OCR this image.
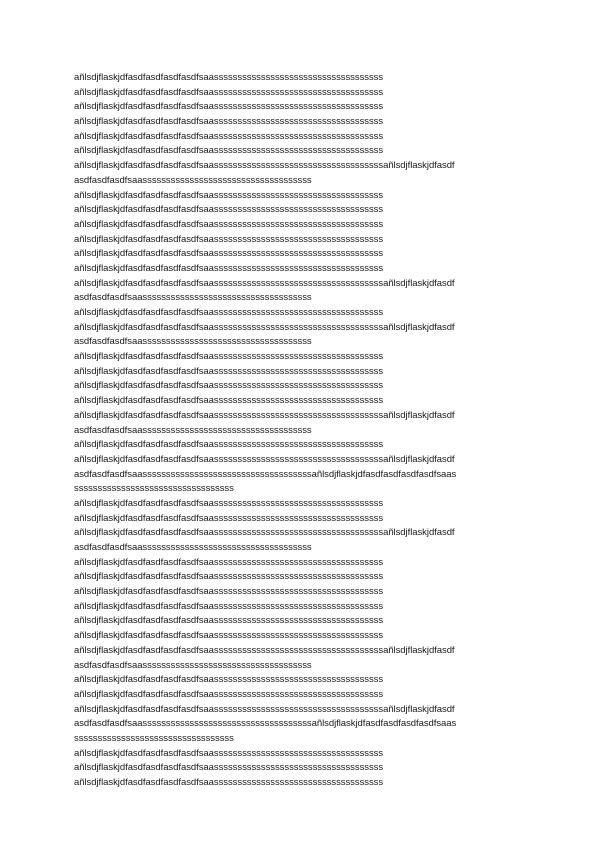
añlsdjflaskjdfasdfasdfasdfasdfsaassssssssssssssssssssssssssssssssssss
añlsdjflaskjdfasdfasdfasdfasdfsaassssssssssssssssssssssssssssssssssss
añlsdjflaskjdfasdfasdfasdfasdfsaassssssssssssssssssssssssssssssssssss
añlsdjflaskjdfasdfasdfasdfasdfsaassssssssssssssssssssssssssssssssssss
añlsdjflaskjdfasdfasdfasdfasdfsaassssssssssssssssssssssssssssssssssss
añlsdjflaskjdfasdfasdfasdfasdfsaassssssssssssssssssssssssssssssssssss
añlsdjflaskjdfasdfasdfasdfasdfsaassssssssssssssssssssssssssssssssssssañlsdjflaskjdfasdf
asdfasdfasdfsaassssssssssssssssssssssssssssssssssss
añlsdjflaskjdfasdfasdfasdfasdfsaassssssssssssssssssssssssssssssssssss
añlsdjflaskjdfasdfasdfasdfasdfsaassssssssssssssssssssssssssssssssssss
añlsdjflaskjdfasdfasdfasdfasdfsaassssssssssssssssssssssssssssssssssss
añlsdjflaskjdfasdfasdfasdfasdfsaassssssssssssssssssssssssssssssssssss
añlsdjflaskjdfasdfasdfasdfasdfsaassssssssssssssssssssssssssssssssssss
añlsdjflaskjdfasdfasdfasdfasdfsaassssssssssssssssssssssssssssssssssss
añlsdjflaskjdfasdfasdfasdfasdfsaassssssssssssssssssssssssssssssssssssañlsdjflaskjdfasdf
asdfasdfasdfsaassssssssssssssssssssssssssssssssssss
añlsdjflaskjdfasdfasdfasdfasdfsaassssssssssssssssssssssssssssssssssss
añlsdjflaskjdfasdfasdfasdfasdfsaassssssssssssssssssssssssssssssssssssañlsdjflaskjdfasdf
asdfasdfasdfsaassssssssssssssssssssssssssssssssssss
añlsdjflaskjdfasdfasdfasdfasdfsaassssssssssssssssssssssssssssssssssss
añlsdjflaskjdfasdfasdfasdfasdfsaassssssssssssssssssssssssssssssssssss
añlsdjflaskjdfasdfasdfasdfasdfsaassssssssssssssssssssssssssssssssssss
añlsdjflaskjdfasdfasdfasdfasdfsaassssssssssssssssssssssssssssssssssss
añlsdjflaskjdfasdfasdfasdfasdfsaassssssssssssssssssssssssssssssssssssañlsdjflaskjdfasdf
asdfasdfasdfsaassssssssssssssssssssssssssssssssssss
añlsdjflaskjdfasdfasdfasdfasdfsaassssssssssssssssssssssssssssssssssss
añlsdjflaskjdfasdfasdfasdfasdfsaassssssssssssssssssssssssssssssssssssañlsdjflaskjdfasdf
asdfasdfasdfsaassssssssssssssssssssssssssssssssssssañlsdjflaskjdfasdfasdfasdfasdfsaas
ssssssssssssssssssssssssssssssssss
añlsdjflaskjdfasdfasdfasdfasdfsaassssssssssssssssssssssssssssssssssss
añlsdjflaskjdfasdfasdfasdfasdfsaassssssssssssssssssssssssssssssssssss
añlsdjflaskjdfasdfasdfasdfasdfsaassssssssssssssssssssssssssssssssssssañlsdjflaskjdfasdf
asdfasdfasdfsaassssssssssssssssssssssssssssssssssss
añlsdjflaskjdfasdfasdfasdfasdfsaassssssssssssssssssssssssssssssssssss
añlsdjflaskjdfasdfasdfasdfasdfsaassssssssssssssssssssssssssssssssssss
añlsdjflaskjdfasdfasdfasdfasdfsaassssssssssssssssssssssssssssssssssss
añlsdjflaskjdfasdfasdfasdfasdfsaassssssssssssssssssssssssssssssssssss
añlsdjflaskjdfasdfasdfasdfasdfsaassssssssssssssssssssssssssssssssssss
añlsdjflaskjdfasdfasdfasdfasdfsaassssssssssssssssssssssssssssssssssss
añlsdjflaskjdfasdfasdfasdfasdfsaassssssssssssssssssssssssssssssssssssañlsdjflaskjdfasdf
asdfasdfasdfsaassssssssssssssssssssssssssssssssssss
añlsdjflaskjdfasdfasdfasdfasdfsaassssssssssssssssssssssssssssssssssss
añlsdjflaskjdfasdfasdfasdfasdfsaassssssssssssssssssssssssssssssssssss
añlsdjflaskjdfasdfasdfasdfasdfsaassssssssssssssssssssssssssssssssssssañlsdjflaskjdfasdf
asdfasdfasdfsaassssssssssssssssssssssssssssssssssssañlsdjflaskjdfasdfasdfasdfasdfsaas
ssssssssssssssssssssssssssssssssss
añlsdjflaskjdfasdfasdfasdfasdfsaassssssssssssssssssssssssssssssssssss
añlsdjflaskjdfasdfasdfasdfasdfsaassssssssssssssssssssssssssssssssssss
añlsdjflaskjdfasdfasdfasdfasdfsaassssssssssssssssssssssssssssssssssss
